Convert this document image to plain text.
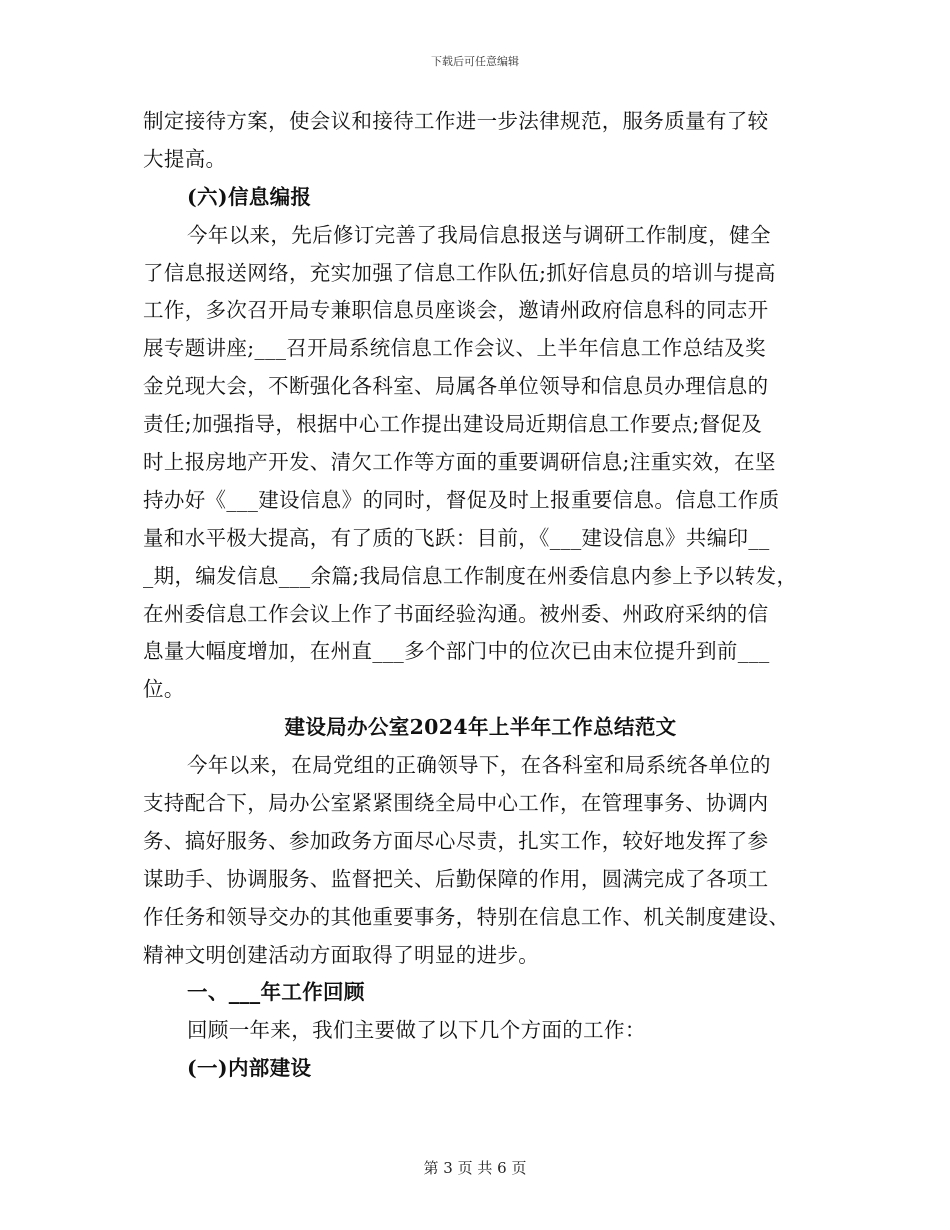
下载后可任意编辑
制定接待方案，使会议和接待工作进一步法律规范，服务质量有了较
大提高。
(六)信息编报
今年以来，先后修订完善了我局信息报送与调研工作制度，健全
了信息报送网络，充实加强了信息工作队伍;抓好信息员的培训与提高
工作，多次召开局专兼职信息员座谈会，邀请州政府信息科的同志开
展专题讲座;___召开局系统信息工作会议、上半年信息工作总结及奖
金兑现大会，不断强化各科室、局属各单位领导和信息员办理信息的
责任;加强指导，根据中心工作提出建设局近期信息工作要点;督促及
时上报房地产开发、清欠工作等方面的重要调研信息;注重实效，在坚
持办好《___建设信息》的同时，督促及时上报重要信息。信息工作质
量和水平极大提高，有了质的飞跃：目前，《___建设信息》共编印__
_期，编发信息___余篇;我局信息工作制度在州委信息内参上予以转发，
在州委信息工作会议上作了书面经验沟通。被州委、州政府采纳的信
息量大幅度增加，在州直___多个部门中的位次已由末位提升到前___
位。
建设局办公室2024年上半年工作总结范文
今年以来，在局党组的正确领导下，在各科室和局系统各单位的
支持配合下，局办公室紧紧围绕全局中心工作，在管理事务、协调内
务、搞好服务、参加政务方面尽心尽责，扎实工作，较好地发挥了参
谋助手、协调服务、监督把关、后勤保障的作用，圆满完成了各项工
作任务和领导交办的其他重要事务，特别在信息工作、机关制度建设、
精神文明创建活动方面取得了明显的进步。
一、___年工作回顾
回顾一年来，我们主要做了以下几个方面的工作：
(一)内部建设
第 3 页 共 6 页
